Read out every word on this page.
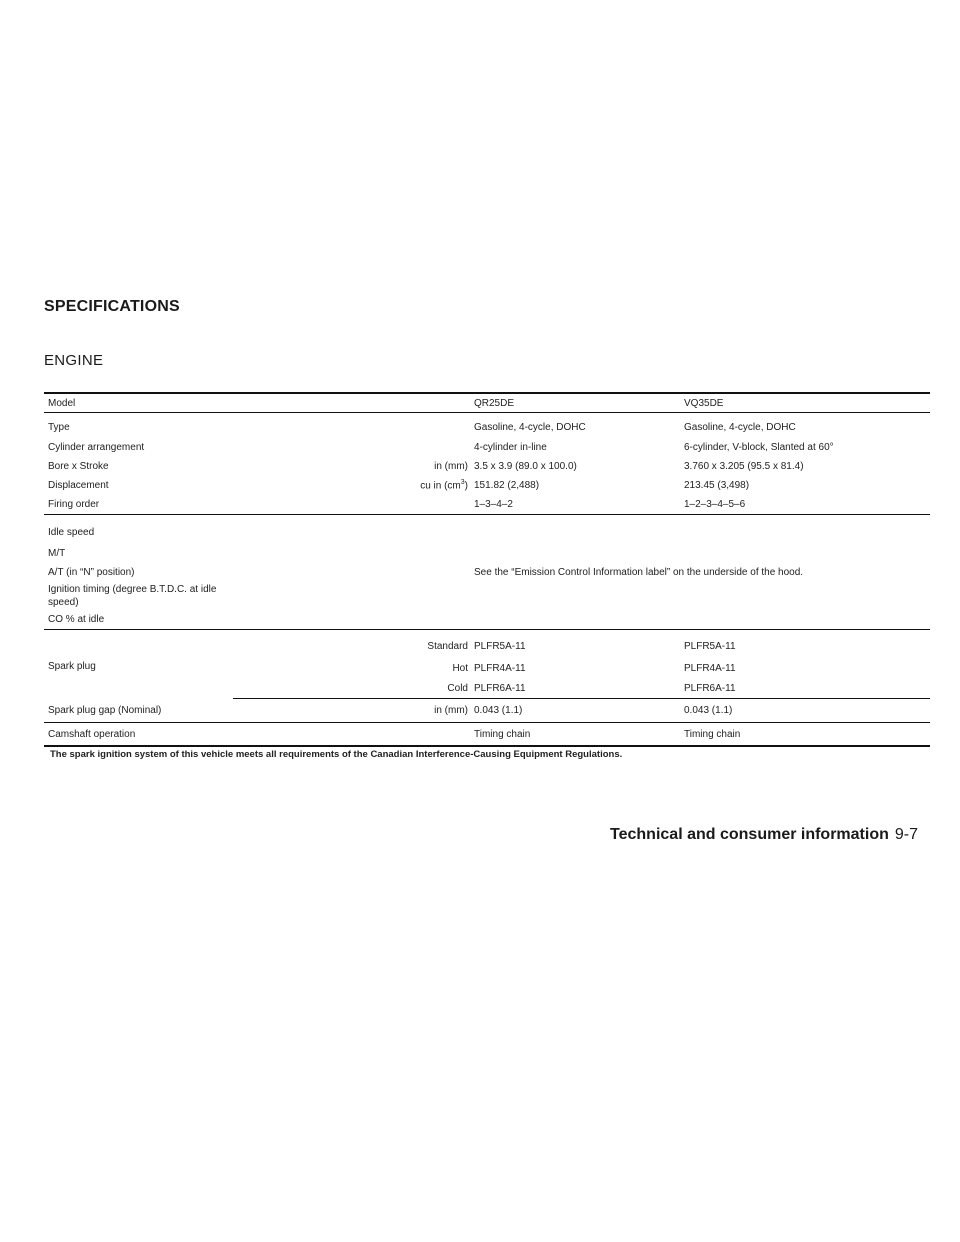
SPECIFICATIONS
ENGINE
Model		QR25DE	VQ35DE
Type		Gasoline, 4-cycle, DOHC	Gasoline, 4-cycle, DOHC
Cylinder arrangement		4-cylinder in-line	6-cylinder, V-block, Slanted at 60°
Bore x Stroke	in (mm)	3.5 x 3.9 (89.0 x 100.0)	3.760 x 3.205 (95.5 x 81.4)
Displacement	cu in $(cm^3)$	151.82 (2,488)	213.45 (3,498)
Firing order		1–3–4–2	1–2–3–4–5–6
Idle speed			
M/T			
A/T (in “N” position)		See the “Emission Control Information label” on the underside of the hood.	
Ignition timing (degree B.T.D.C. at idle speed)			
CO % at idle			
Spark plug	Standard	PLFR5A-11	PLFR5A-11
	Hot	PLFR4A-11	PLFR4A-11
	Cold	PLFR6A-11	PLFR6A-11
Spark plug gap (Nominal)	in (mm)	0.043 (1.1)	0.043 (1.1)
Camshaft operation		Timing chain	Timing chain

The spark ignition system of this vehicle meets all requirements of the Canadian Interference-Causing Equipment Regulations.

Technical and consumer information 9-7
